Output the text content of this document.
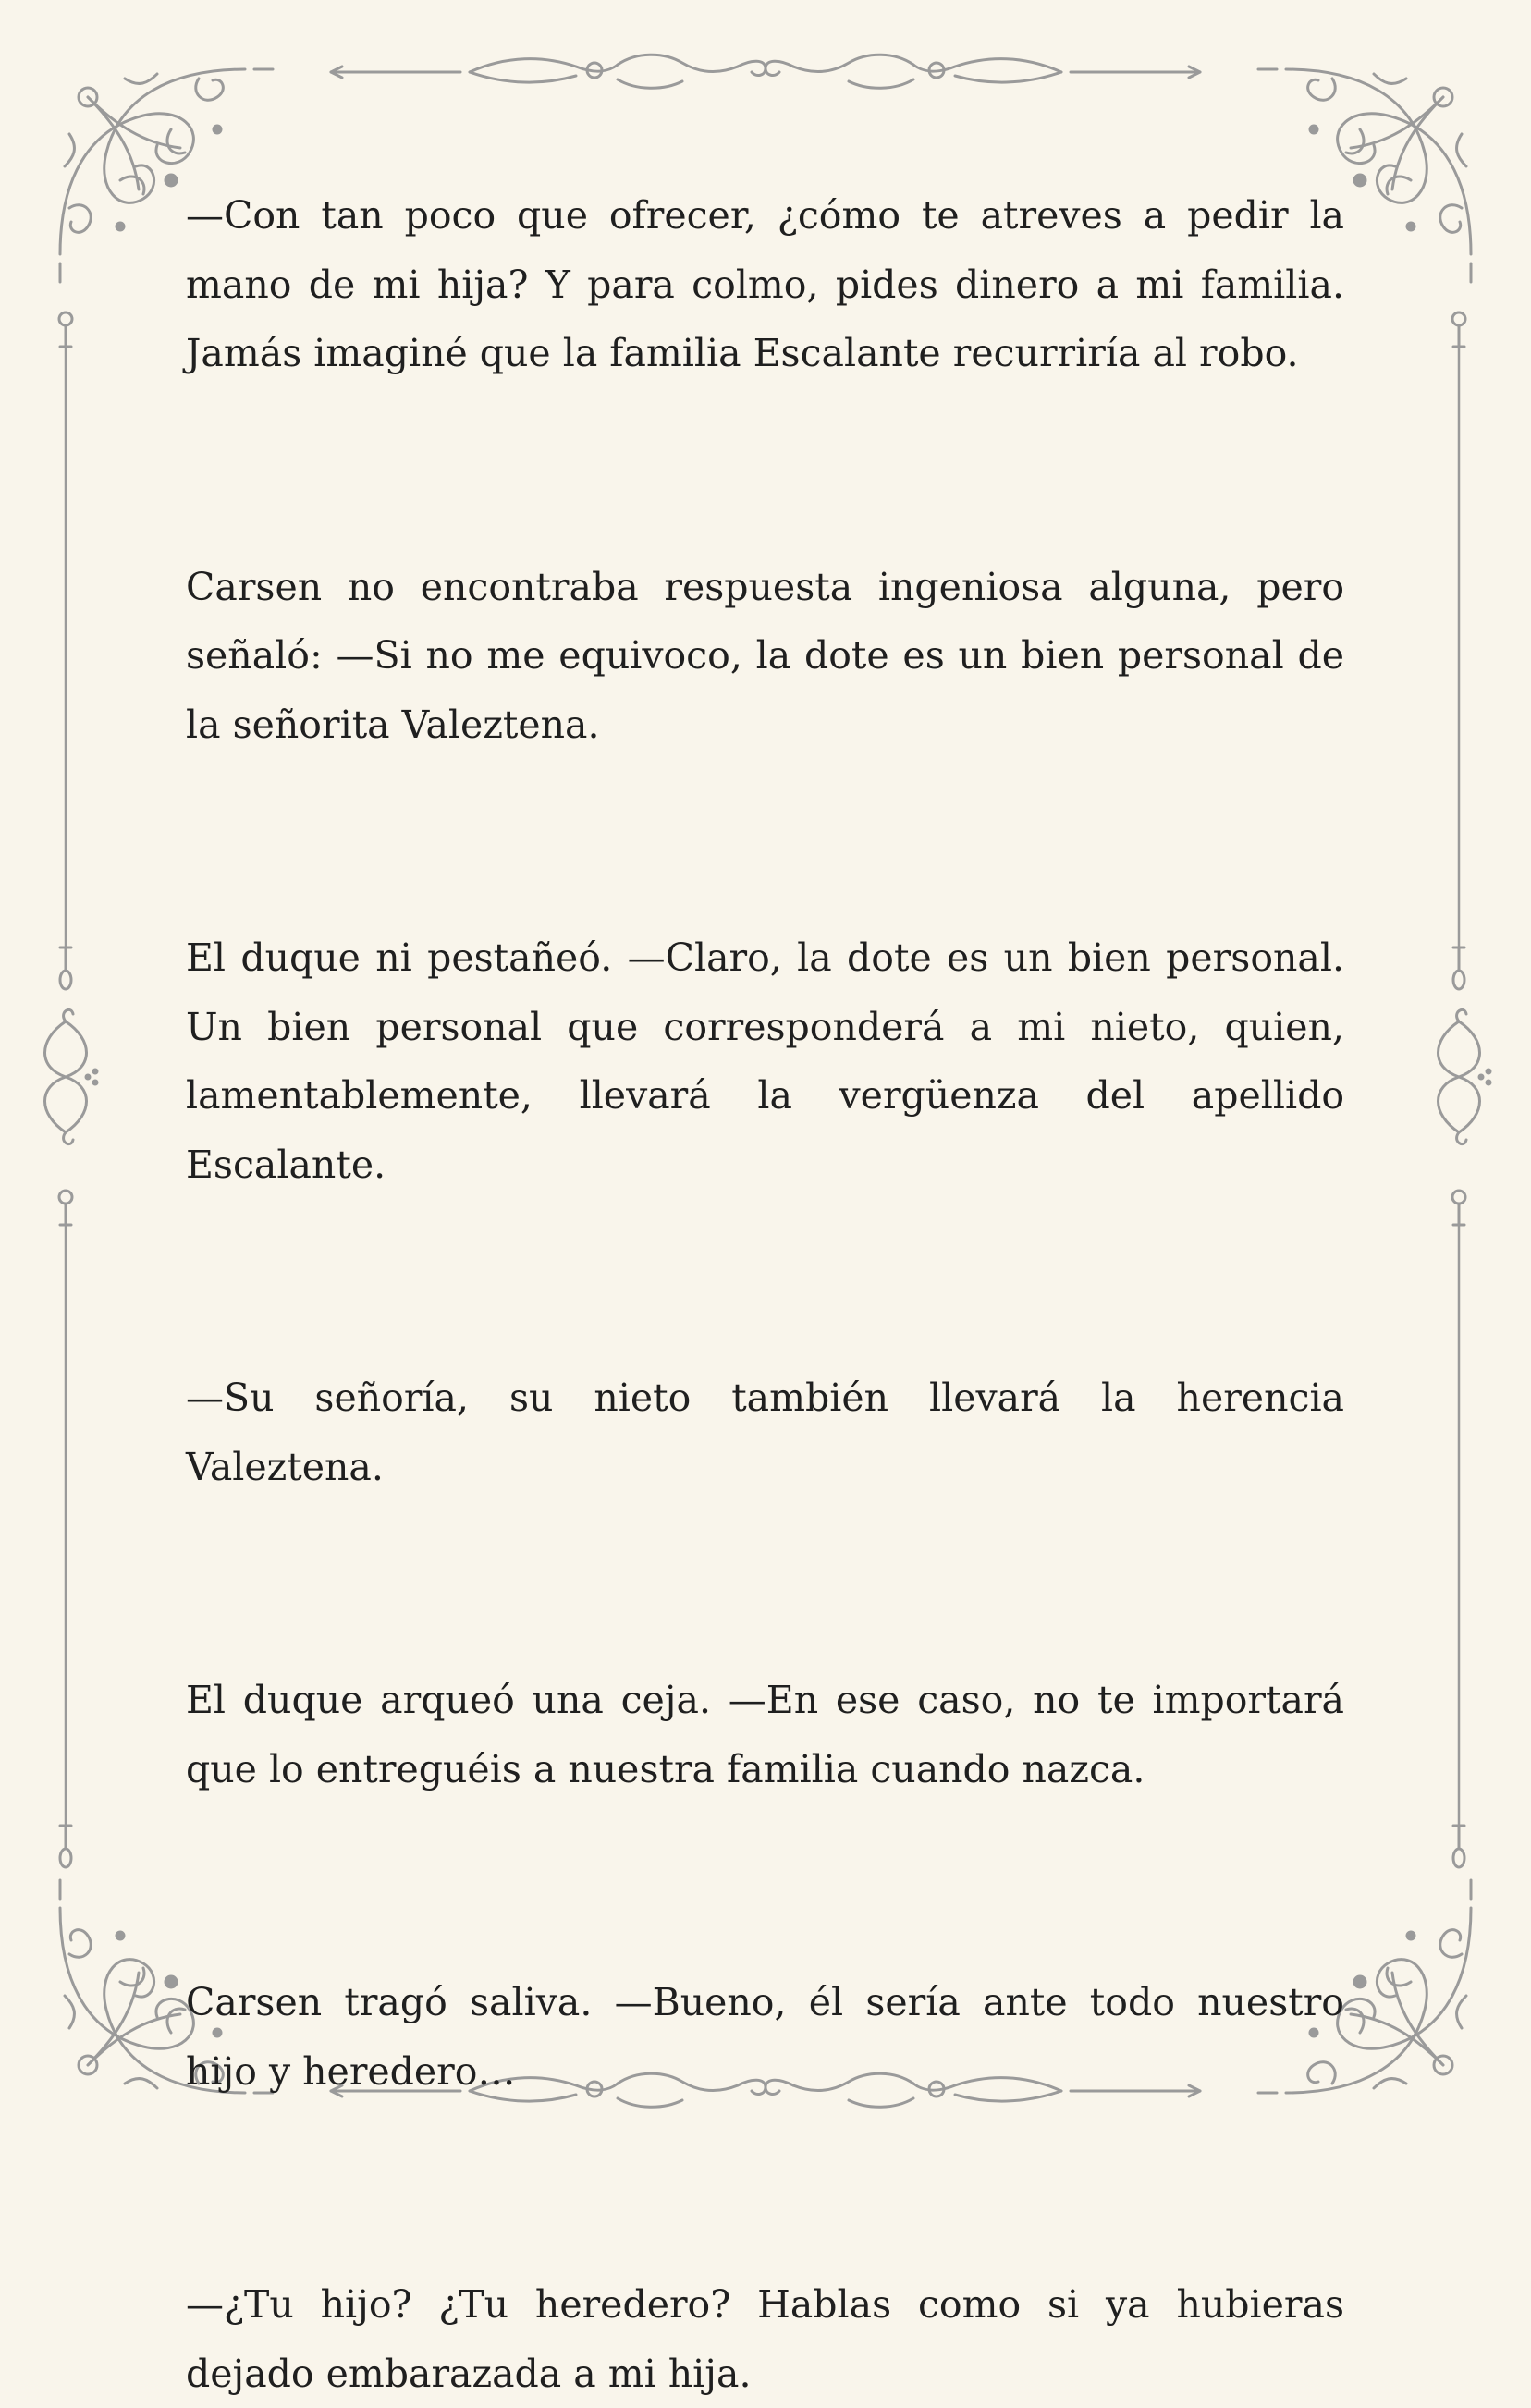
—Con tan poco que ofrecer, ¿cómo te atreves a pedir la mano de mi hija? Y para colmo, pides dinero a mi familia. Jamás imaginé que la familia Escalante recurriría al robo.

Carsen no encontraba respuesta ingeniosa alguna, pero señaló: —Si no me equivoco, la dote es un bien personal de la señorita Valeztena.

El duque ni pestañeó. —Claro, la dote es un bien personal. Un bien personal que corresponderá a mi nieto, quien, lamentablemente, llevará la vergüenza del apellido Escalante.

—Su señoría, su nieto también llevará la herencia Valeztena.

El duque arqueó una ceja. —En ese caso, no te importará que lo entreguéis a nuestra familia cuando nazca.

Carsen tragó saliva. —Bueno, él sería ante todo nuestro hijo y heredero…

—¿Tu hijo? ¿Tu heredero? Hablas como si ya hubieras dejado embarazada a mi hija.
